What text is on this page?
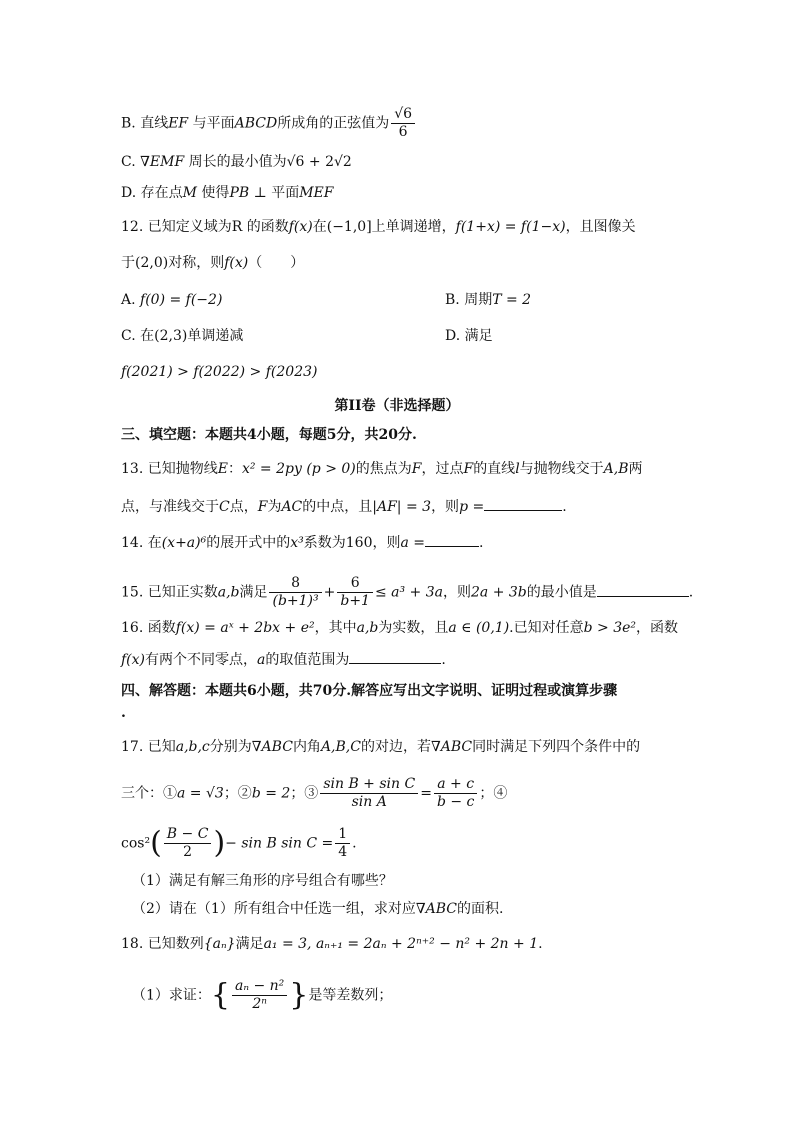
B. 直线EF 与平面ABCD所成角的正弦值为 $\frac{√6}{6}$
C. ∇EMF 周长的最小值为√6 + 2√2
D. 存在点M 使得PB ⊥ 平面MEF
12. 已知定义域为R 的函数f(x)在(−1,0]上单调递增，f(1+x) = f(1−x)，且图像关
于(2,0)对称，则f(x)（　　）
A. f(0) = f(−2)	B. 周期T = 2
C. 在(2,3)单调递减	D. 满足
f(2021) > f(2022) > f(2023)
第II卷（非选择题）
三、填空题：本题共4小题，每题5分，共20分.
13. 已知抛物线E：x² = 2py (p > 0)的焦点为F，过点F的直线l与抛物线交于A,B两
点，与准线交于C点，F为AC的中点，且|AF| = 3，则p =	.
14. 在(x+a)⁶的展开式中的x³系数为160，则a =	.
15. 已知正实数a,b满足 $\frac{8}{\text{(b+1)³}} + \frac{6}{b+1} \le a^3 + 3a$，则2a + 3b的最小值是	.
16. 函数f(x) = aˣ + 2bx + e²，其中a,b为实数，且a ∈ (0,1).已知对任意b > 3e²，函数
f(x)有两个不同零点，a的取值范围为	.
四、解答题：本题共6小题，共70分.解答应写出文字说明、证明过程或演算步骤
.
17. 已知a,b,c分别为∇ABC内角A,B,C的对边，若∇ABC同时满足下列四个条件中的
三个：①a = √3；②b = 2；③ $\frac{\text{sin B + sin C}}{\text{sin A}} = \frac{a + c}{b - c}$ ；④
$\cos^2( \frac{B - C}{2}$ )− sin B $\sin C = \frac{1}{4}$ .
（1）满足有解三角形的序号组合有哪些？
（2）请在（1）所有组合中任选一组，求对应∇ABC的面积.
18. 已知数列{aₙ}满足a₁ = 3, aₙ₊₁ = 2aₙ + 2ⁿ⁺² − n² + 2n + 1.
（1）求证：{ $\frac{\text{aₙ − n²}}{\text{2ⁿ}}$ }是等差数列；
